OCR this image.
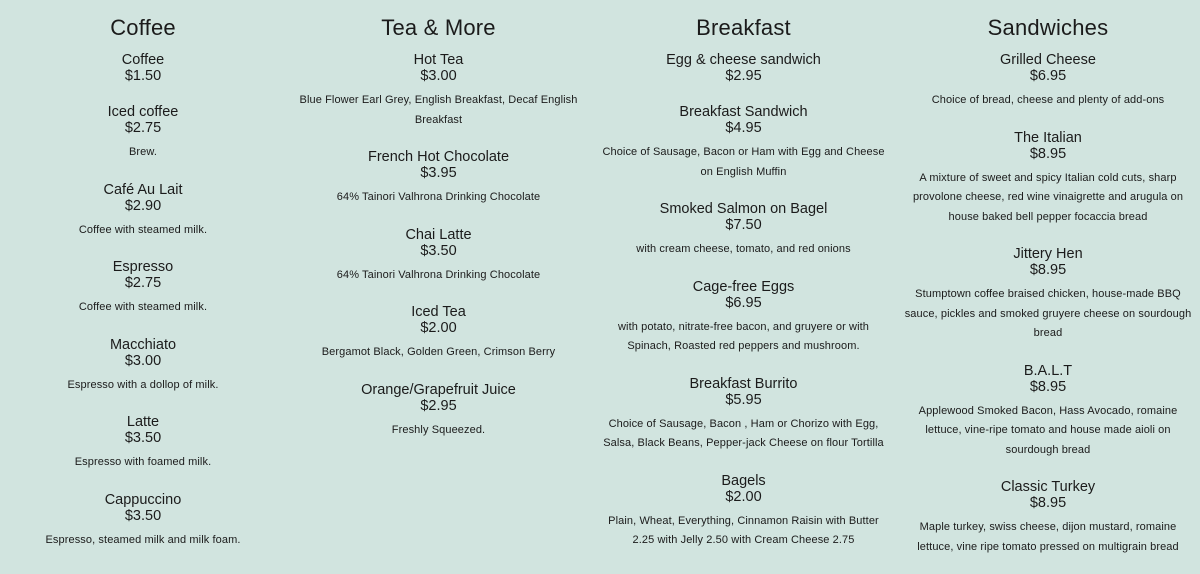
Coffee
Coffee
$1.50
Iced coffee
$2.75
Brew.
Café Au Lait
$2.90
Coffee with steamed milk.
Espresso
$2.75
Coffee with steamed milk.
Macchiato
$3.00
Espresso with a dollop of milk.
Latte
$3.50
Espresso with foamed milk.
Cappuccino
$3.50
Espresso, steamed milk and milk foam.
Tea & More
Hot Tea
$3.00
Blue Flower Earl Grey, English Breakfast, Decaf English Breakfast
French Hot Chocolate
$3.95
64% Tainori Valhrona Drinking Chocolate
Chai Latte
$3.50
64% Tainori Valhrona Drinking Chocolate
Iced Tea
$2.00
Bergamot Black, Golden Green, Crimson Berry
Orange/Grapefruit Juice
$2.95
Freshly Squeezed.
Breakfast
Egg & cheese sandwich
$2.95
Breakfast Sandwich
$4.95
Choice of Sausage, Bacon or Ham with Egg and Cheese on English Muffin
Smoked Salmon on Bagel
$7.50
with cream cheese, tomato, and red onions
Cage-free Eggs
$6.95
with potato, nitrate-free bacon, and gruyere or with Spinach, Roasted red peppers and mushroom.
Breakfast Burrito
$5.95
Choice of Sausage, Bacon , Ham or Chorizo with Egg, Salsa, Black Beans, Pepper-jack Cheese on flour Tortilla
Bagels
$2.00
Plain, Wheat, Everything, Cinnamon Raisin with Butter 2.25 with Jelly 2.50 with Cream Cheese 2.75
Sandwiches
Grilled Cheese
$6.95
Choice of bread, cheese and plenty of add-ons
The Italian
$8.95
A mixture of sweet and spicy Italian cold cuts, sharp provolone cheese, red wine vinaigrette and arugula on house baked bell pepper focaccia bread
Jittery Hen
$8.95
Stumptown coffee braised chicken, house-made BBQ sauce, pickles and smoked gruyere cheese on sourdough bread
B.A.L.T
$8.95
Applewood Smoked Bacon, Hass Avocado, romaine lettuce, vine-ripe tomato and house made aioli on sourdough bread
Classic Turkey
$8.95
Maple turkey, swiss cheese, dijon mustard, romaine lettuce, vine ripe tomato pressed on multigrain bread
